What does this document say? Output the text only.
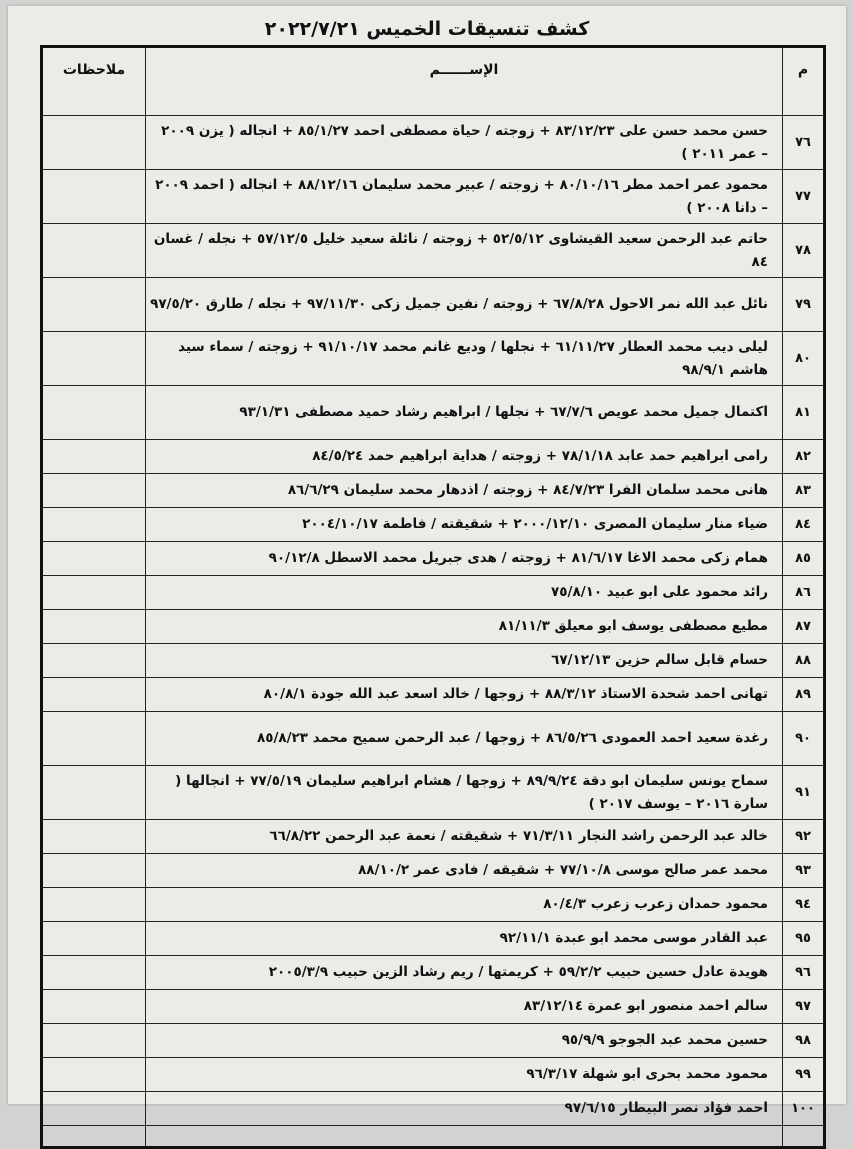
كشف تنسيقات الخميس ٢٠٢٢/٧/٢١
م	الإســــــم	ملاحظات
٧٦	حسن محمد حسن على ٨٣/١٢/٢٣ + زوجته / حياة مصطفى احمد ٨٥/١/٢٧ + انجاله ( يزن ٢٠٠٩ – عمر ٢٠١١ )	
٧٧	محمود عمر احمد مطر ٨٠/١٠/١٦ + زوجته / عبير محمد سليمان ٨٨/١٢/١٦ + انجاله ( احمد ٢٠٠٩ – دانا ٢٠٠٨ )	
٧٨	حاتم عبد الرحمن سعيد القيشاوى ٥٢/٥/١٢ + زوجته / نائلة سعيد خليل ٥٧/١٢/٥ + نجله / غسان ٨٤	
٧٩	نائل عبد الله نمر الاحول ٦٧/٨/٢٨ + زوجته / نفين جميل زكى ٩٧/١١/٣٠ + نجله / طارق ٩٧/٥/٢٠	
٨٠	ليلى ديب محمد العطار ٦١/١١/٢٧ + نجلها / وديع غانم محمد ٩١/١٠/١٧ + زوجته / سماء سيد هاشم ٩٨/٩/١	
٨١	اكتمال جميل محمد عويص ٦٧/٧/٦ + نجلها / ابراهيم رشاد حميد مصطفى ٩٣/١/٣١	
٨٢	رامى ابراهيم حمد عابد ٧٨/١/١٨ + زوجته / هداية ابراهيم حمد ٨٤/٥/٢٤	
٨٣	هانى محمد سلمان الفرا ٨٤/٧/٢٣ + زوجته / اذدهار محمد سليمان ٨٦/٦/٢٩	
٨٤	ضياء منار سليمان المصرى ٢٠٠٠/١٢/١٠ + شقيقته / فاطمة ٢٠٠٤/١٠/١٧	
٨٥	همام زكى محمد الاغا ٨١/٦/١٧ + زوجته / هدى جبريل محمد الاسطل ٩٠/١٢/٨	
٨٦	رائد محمود على ابو عبيد ٧٥/٨/١٠	
٨٧	مطيع مصطفى يوسف ابو معيلق ٨١/١١/٣	
٨٨	حسام قابل سالم حزين ٦٧/١٢/١٣	
٨٩	تهانى احمد شحدة الاستاذ ٨٨/٣/١٢ + زوجها / خالد اسعد عبد الله جودة ٨٠/٨/١	
٩٠	رغدة سعيد احمد العمودى ٨٦/٥/٢٦ + زوجها / عبد الرحمن سميح محمد ٨٥/٨/٢٣	
٩١	سماح يونس سليمان ابو دقة ٨٩/٩/٢٤ + زوجها / هشام ابراهيم سليمان ٧٧/٥/١٩ + انجالها ( سارة ٢٠١٦ – يوسف ٢٠١٧ )	
٩٢	خالد عبد الرحمن راشد النجار ٧١/٣/١١ + شقيقته / نعمة عبد الرحمن ٦٦/٨/٢٢	
٩٣	محمد عمر صالح موسى ٧٧/١٠/٨ + شقيقه / فادى عمر ٨٨/١٠/٢	
٩٤	محمود حمدان زعرب زعرب ٨٠/٤/٣	
٩٥	عبد القادر موسى محمد ابو عبدة ٩٢/١١/١	
٩٦	هويدة عادل حسين حبيب ٥٩/٢/٢ + كريمتها / ريم رشاد الزين حبيب ٢٠٠٥/٣/٩	
٩٧	سالم احمد منصور ابو عمرة ٨٣/١٢/١٤	
٩٨	حسين محمد عبد الجوجو ٩٥/٩/٩	
٩٩	محمود محمد بحرى ابو شهلة ٩٦/٣/١٧	
١٠٠	احمد فؤاد نصر البيطار ٩٧/٦/١٥	
